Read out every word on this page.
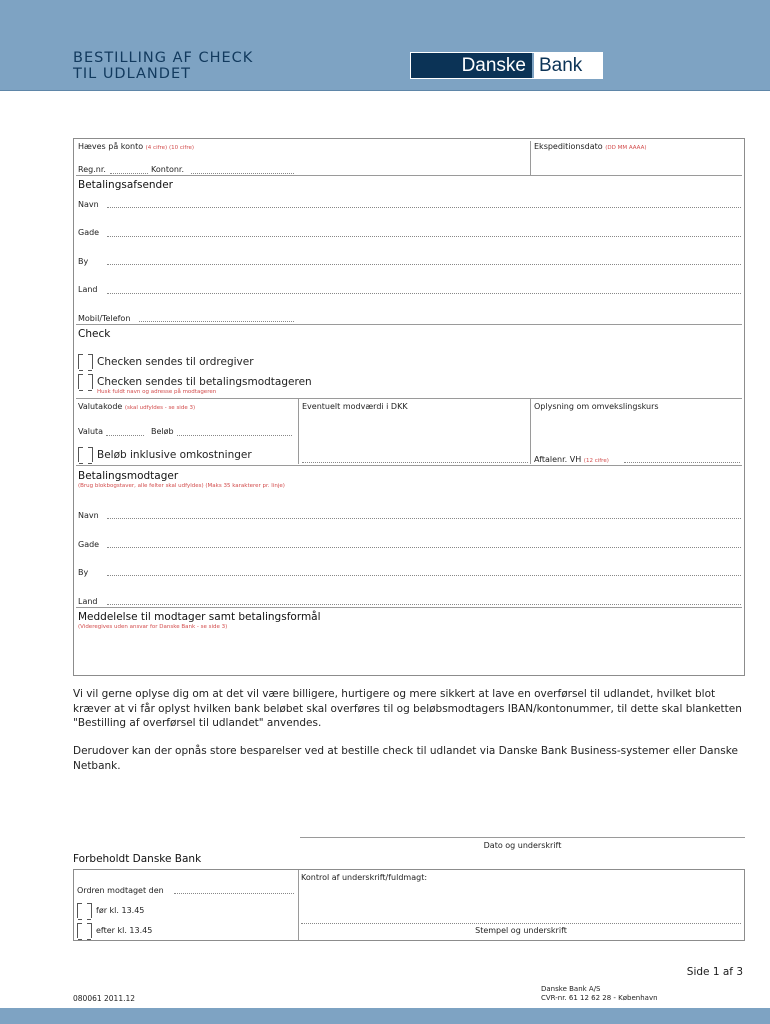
BESTILLING AF CHECK
TIL UDLANDET	Danske Bank
Hæves på konto (4 cifre) (10 cifre)
Reg.nr.	Kontonr.
Ekspeditionsdato (DD MM AAAA)
Betalingsafsender
Navn
Gade
By
Land
Mobil/Telefon
Check
Checken sendes til ordregiver
Checken sendes til betalingsmodtageren
Husk fuldt navn og adresse på modtageren
Valutakode (skal udfyldes - se side 3)	Eventuelt modværdi i DKK	Oplysning om omvekslingskurs
Valuta	Beløb
Beløb inklusive omkostninger	Aftalenr. VH (12 cifre)
Betalingsmodtager
(Brug blokbogstaver, alle felter skal udfyldes) (Maks 35 karakterer pr. linje)
Navn
Gade
By
Land
Meddelelse til modtager samt betalingsformål
(Videregives uden ansvar for Danske Bank - se side 3)
Vi vil gerne oplyse dig om at det vil være billigere, hurtigere og mere sikkert at lave en overførsel til udlandet, hvilket blot kræver at vi får oplyst hvilken bank beløbet skal overføres til og beløbsmodtagers IBAN/kontonummer, til dette skal blanketten "Bestilling af overførsel til udlandet" anvendes.
Derudover kan der opnås store besparelser ved at bestille check til udlandet via Danske Bank Business-systemer eller Danske Netbank.
Dato og underskrift
Forbeholdt Danske Bank
Ordren modtaget den
før kl. 13.45
efter kl. 13.45
Kontrol af underskrift/fuldmagt:
Stempel og underskrift
Side 1 af 3
080061 2011.12
Danske Bank A/S
CVR-nr. 61 12 62 28 - København
